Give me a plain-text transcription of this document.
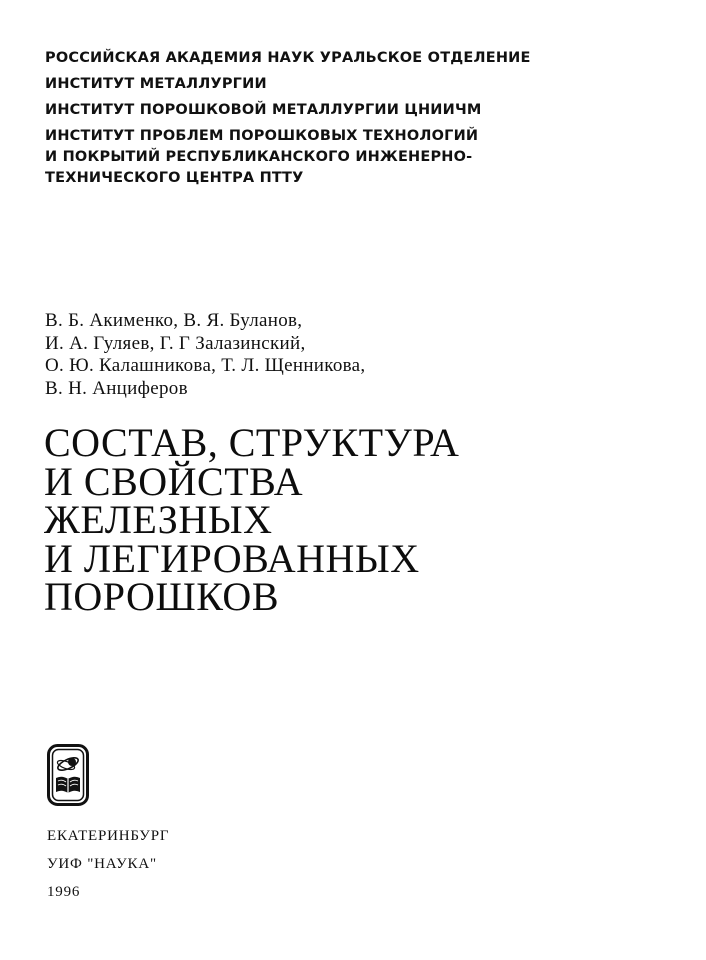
РОССИЙСКАЯ АКАДЕМИЯ НАУК УРАЛЬСКОЕ ОТДЕЛЕНИЕ
ИНСТИТУТ МЕТАЛЛУРГИИ
ИНСТИТУТ ПОРОШКОВОЙ МЕТАЛЛУРГИИ ЦНИИЧМ
ИНСТИТУТ ПРОБЛЕМ ПОРОШКОВЫХ ТЕХНОЛОГИЙ
И ПОКРЫТИЙ РЕСПУБЛИКАНСКОГО ИНЖЕНЕРНО-
ТЕХНИЧЕСКОГО ЦЕНТРА ПТТУ
В. Б. Акименко, В. Я. Буланов,
И. А. Гуляев, Г. Г Залазинский,
О. Ю. Калашникова, Т. Л. Щенникова,
В. Н. Анциферов
СОСТАВ, СТРУКТУРА
И СВОЙСТВА
ЖЕЛЕЗНЫХ
И ЛЕГИРОВАННЫХ
ПОРОШКОВ
ЕКАТЕРИНБУРГ
УИФ "НАУКА"
1996
